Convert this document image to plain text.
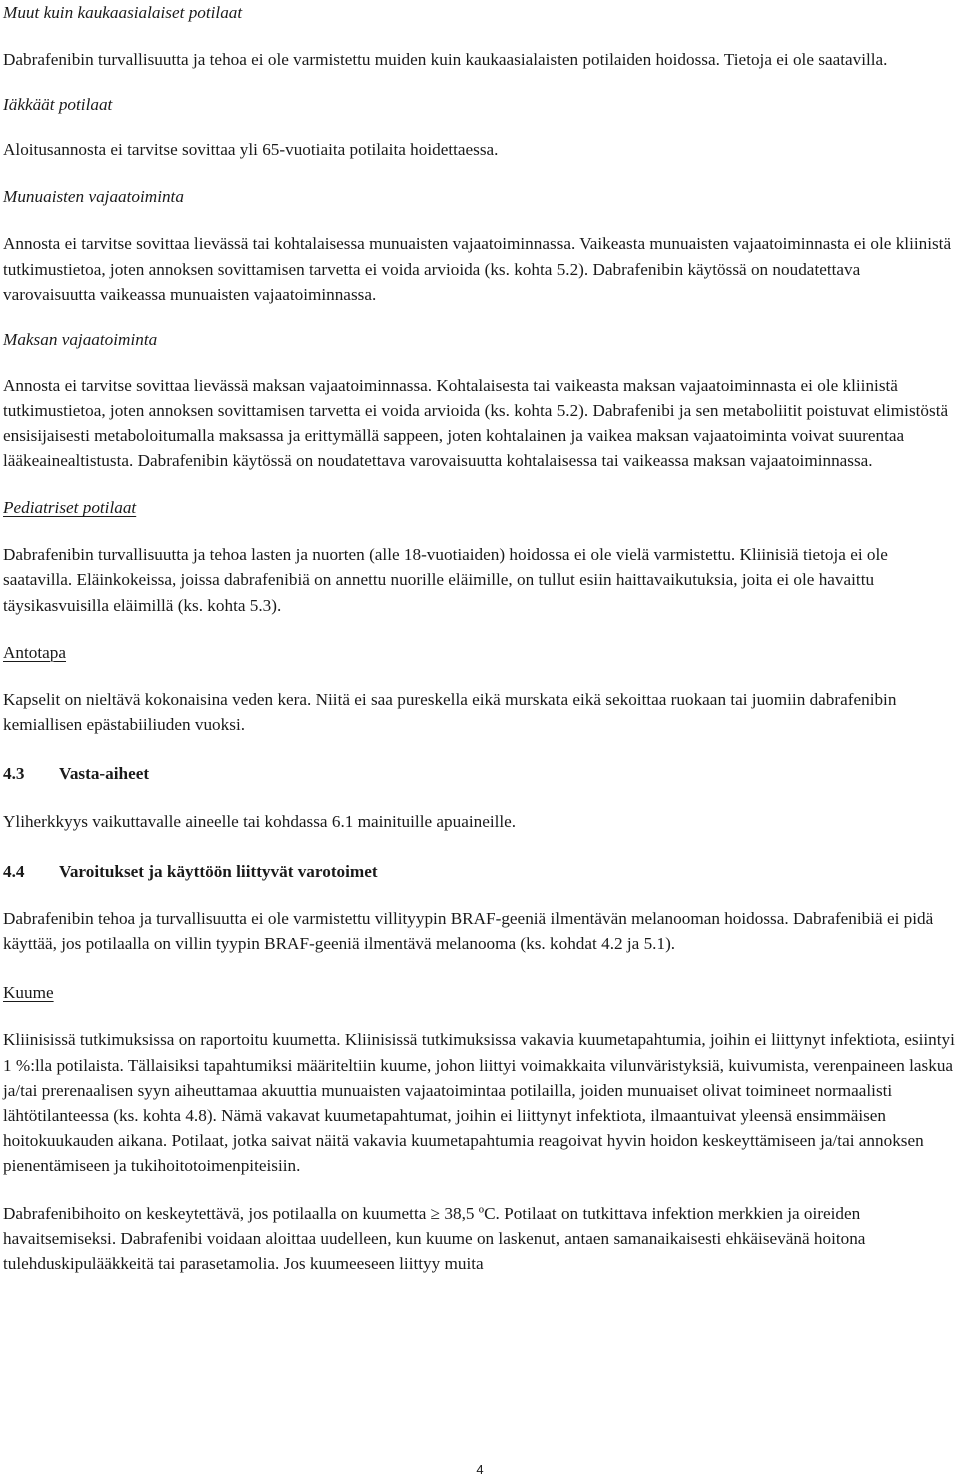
Muut kuin kaukaasialaiset potilaat

Dabrafenibin turvallisuutta ja tehoa ei ole varmistettu muiden kuin kaukaasialaisten potilaiden hoidossa. Tietoja ei ole saatavilla.

Iäkkäät potilaat

Aloitusannosta ei tarvitse sovittaa yli 65-vuotiaita potilaita hoidettaessa.

Munuaisten vajaatoiminta

Annosta ei tarvitse sovittaa lievässä tai kohtalaisessa munuaisten vajaatoiminnassa. Vaikeasta munuaisten vajaatoiminnasta ei ole kliinistä tutkimustietoa, joten annoksen sovittamisen tarvetta ei voida arvioida (ks. kohta 5.2). Dabrafenibin käytössä on noudatettava varovaisuutta vaikeassa munuaisten vajaatoiminnassa.

Maksan vajaatoiminta

Annosta ei tarvitse sovittaa lievässä maksan vajaatoiminnassa. Kohtalaisesta tai vaikeasta maksan vajaatoiminnasta ei ole kliinistä tutkimustietoa, joten annoksen sovittamisen tarvetta ei voida arvioida (ks. kohta 5.2). Dabrafenibi ja sen metaboliitit poistuvat elimistöstä ensisijaisesti metaboloitumalla maksassa ja erittymällä sappeen, joten kohtalainen ja vaikea maksan vajaatoiminta voivat suurentaa lääkeainealtistusta. Dabrafenibin käytössä on noudatettava varovaisuutta kohtalaisessa tai vaikeassa maksan vajaatoiminnassa.

Pediatriset potilaat

Dabrafenibin turvallisuutta ja tehoa lasten ja nuorten (alle 18-vuotiaiden) hoidossa ei ole vielä varmistettu. Kliinisiä tietoja ei ole saatavilla. Eläinkokeissa, joissa dabrafenibiä on annettu nuorille eläimille, on tullut esiin haittavaikutuksia, joita ei ole havaittu täysikasvuisilla eläimillä (ks. kohta 5.3).

Antotapa

Kapselit on nieltävä kokonaisina veden kera. Niitä ei saa pureskella eikä murskata eikä sekoittaa ruokaan tai juomiin dabrafenibin kemiallisen epästabiiliuden vuoksi.

4.3 Vasta-aiheet

Yliherkkyys vaikuttavalle aineelle tai kohdassa 6.1 mainituille apuaineille.

4.4 Varoitukset ja käyttöön liittyvät varotoimet

Dabrafenibin tehoa ja turvallisuutta ei ole varmistettu villityypin BRAF-geeniä ilmentävän melanooman hoidossa. Dabrafenibiä ei pidä käyttää, jos potilaalla on villin tyypin BRAF-geeniä ilmentävä melanooma (ks. kohdat 4.2 ja 5.1).

Kuume

Kliinisissä tutkimuksissa on raportoitu kuumetta. Kliinisissä tutkimuksissa vakavia kuumetapahtumia, joihin ei liittynyt infektiota, esiintyi 1 %:lla potilaista. Tällaisiksi tapahtumiksi määriteltiin kuume, johon liittyi voimakkaita vilunväristyksiä, kuivumista, verenpaineen laskua ja/tai prerenaalisen syyn aiheuttamaa akuuttia munuaisten vajaatoimintaa potilailla, joiden munuaiset olivat toimineet normaalisti lähtötilanteessa (ks. kohta 4.8). Nämä vakavat kuumetapahtumat, joihin ei liittynyt infektiota, ilmaantuivat yleensä ensimmäisen hoitokuukauden aikana. Potilaat, jotka saivat näitä vakavia kuumetapahtumia reagoivat hyvin hoidon keskeyttämiseen ja/tai annoksen pienentämiseen ja tukihoitotoimenpiteisiin.

Dabrafenibihoito on keskeytettävä, jos potilaalla on kuumetta ≥ 38,5 ºC. Potilaat on tutkittava infektion merkkien ja oireiden havaitsemiseksi. Dabrafenibi voidaan aloittaa uudelleen, kun kuume on laskenut, antaen samanaikaisesti ehkäisevänä hoitona tulehduskipulääkkeitä tai parasetamolia. Jos kuumeeseen liittyy muita

4
